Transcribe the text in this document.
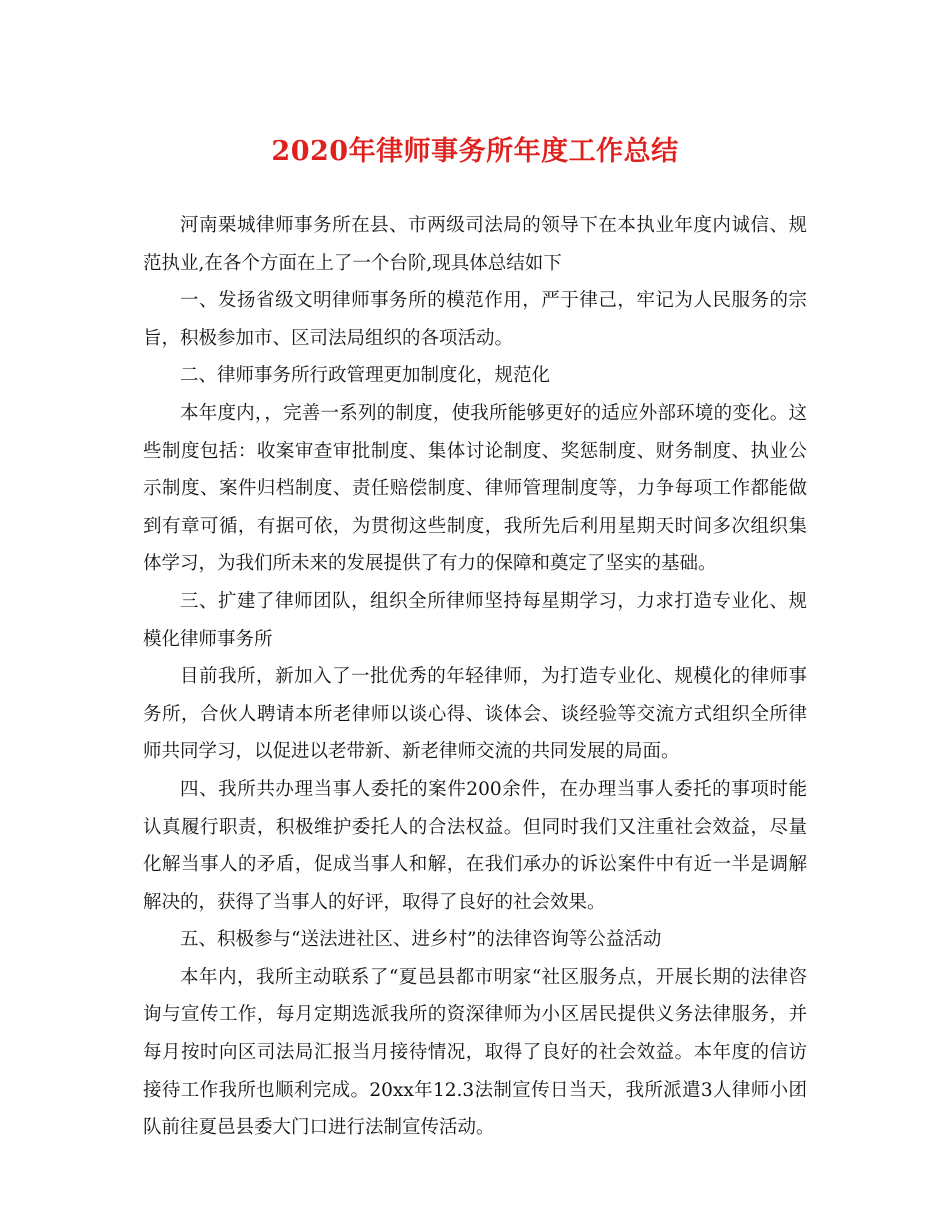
2020年律师事务所年度工作总结

河南栗城律师事务所在县、市两级司法局的领导下在本执业年度内诚信、规范执业,在各个方面在上了一个台阶,现具体总结如下

一、发扬省级文明律师事务所的模范作用，严于律己，牢记为人民服务的宗旨，积极参加市、区司法局组织的各项活动。

二、律师事务所行政管理更加制度化，规范化

本年度内，，完善一系列的制度，使我所能够更好的适应外部环境的变化。这些制度包括：收案审查审批制度、集体讨论制度、奖惩制度、财务制度、执业公示制度、案件归档制度、责任赔偿制度、律师管理制度等，力争每项工作都能做到有章可循，有据可依，为贯彻这些制度，我所先后利用星期天时间多次组织集体学习，为我们所未来的发展提供了有力的保障和奠定了坚实的基础。

三、扩建了律师团队，组织全所律师坚持每星期学习，力求打造专业化、规模化律师事务所

目前我所，新加入了一批优秀的年轻律师，为打造专业化、规模化的律师事务所，合伙人聘请本所老律师以谈心得、谈体会、谈经验等交流方式组织全所律师共同学习，以促进以老带新、新老律师交流的共同发展的局面。

四、我所共办理当事人委托的案件200余件，在办理当事人委托的事项时能认真履行职责，积极维护委托人的合法权益。但同时我们又注重社会效益，尽量化解当事人的矛盾，促成当事人和解，在我们承办的诉讼案件中有近一半是调解解决的，获得了当事人的好评，取得了良好的社会效果。

五、积极参与“送法进社区、进乡村”的法律咨询等公益活动

本年内，我所主动联系了“夏邑县都市明家“社区服务点，开展长期的法律咨询与宣传工作，每月定期选派我所的资深律师为小区居民提供义务法律服务，并每月按时向区司法局汇报当月接待情况，取得了良好的社会效益。本年度的信访接待工作我所也顺利完成。20xx年12.3法制宣传日当天，我所派遣3人律师小团队前往夏邑县委大门口进行法制宣传活动。
